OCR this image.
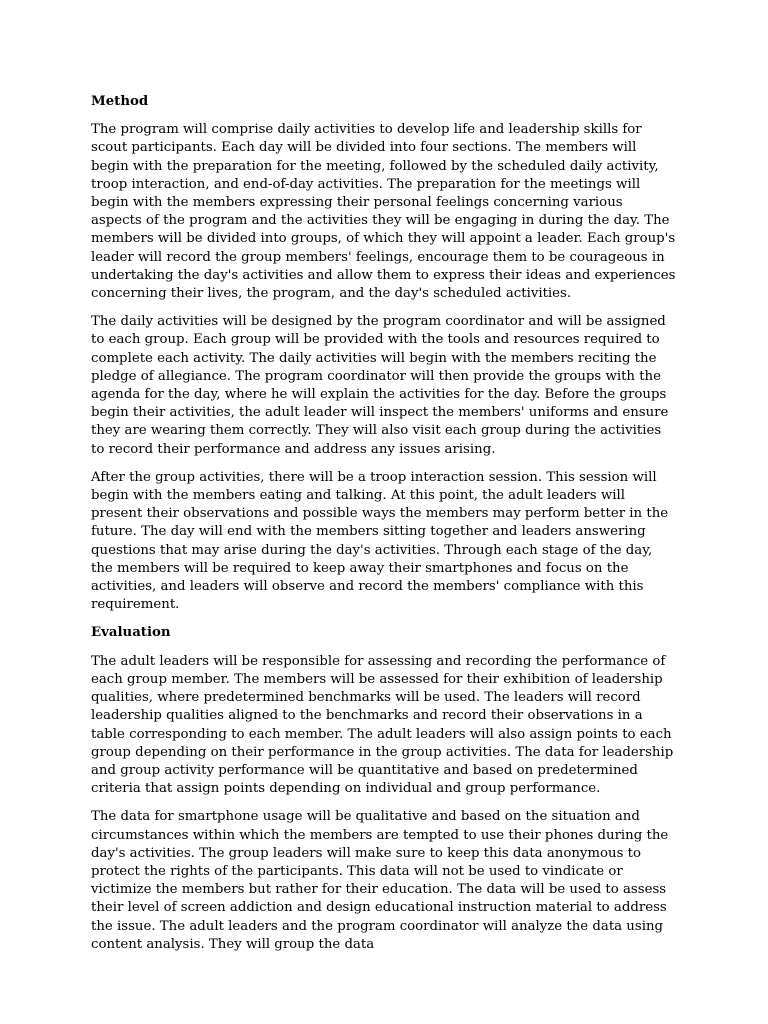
Method

The program will comprise daily activities to develop life and leadership skills for scout participants. Each day will be divided into four sections. The members will begin with the preparation for the meeting, followed by the scheduled daily activity, troop interaction, and end-of-day activities. The preparation for the meetings will begin with the members expressing their personal feelings concerning various aspects of the program and the activities they will be engaging in during the day. The members will be divided into groups, of which they will appoint a leader. Each group's leader will record the group members' feelings, encourage them to be courageous in undertaking the day's activities and allow them to express their ideas and experiences concerning their lives, the program, and the day's scheduled activities.

The daily activities will be designed by the program coordinator and will be assigned to each group. Each group will be provided with the tools and resources required to complete each activity. The daily activities will begin with the members reciting the pledge of allegiance. The program coordinator will then provide the groups with the agenda for the day, where he will explain the activities for the day. Before the groups begin their activities, the adult leader will inspect the members' uniforms and ensure they are wearing them correctly. They will also visit each group during the activities to record their performance and address any issues arising.

After the group activities, there will be a troop interaction session. This session will begin with the members eating and talking. At this point, the adult leaders will present their observations and possible ways the members may perform better in the future. The day will end with the members sitting together and leaders answering questions that may arise during the day's activities. Through each stage of the day, the members will be required to keep away their smartphones and focus on the activities, and leaders will observe and record the members' compliance with this requirement.

Evaluation

The adult leaders will be responsible for assessing and recording the performance of each group member. The members will be assessed for their exhibition of leadership qualities, where predetermined benchmarks will be used. The leaders will record leadership qualities aligned to the benchmarks and record their observations in a table corresponding to each member. The adult leaders will also assign points to each group depending on their performance in the group activities. The data for leadership and group activity performance will be quantitative and based on predetermined criteria that assign points depending on individual and group performance.

The data for smartphone usage will be qualitative and based on the situation and circumstances within which the members are tempted to use their phones during the day's activities. The group leaders will make sure to keep this data anonymous to protect the rights of the participants. This data will not be used to vindicate or victimize the members but rather for their education. The data will be used to assess their level of screen addiction and design educational instruction material to address the issue. The adult leaders and the program coordinator will analyze the data using content analysis. They will group the data
